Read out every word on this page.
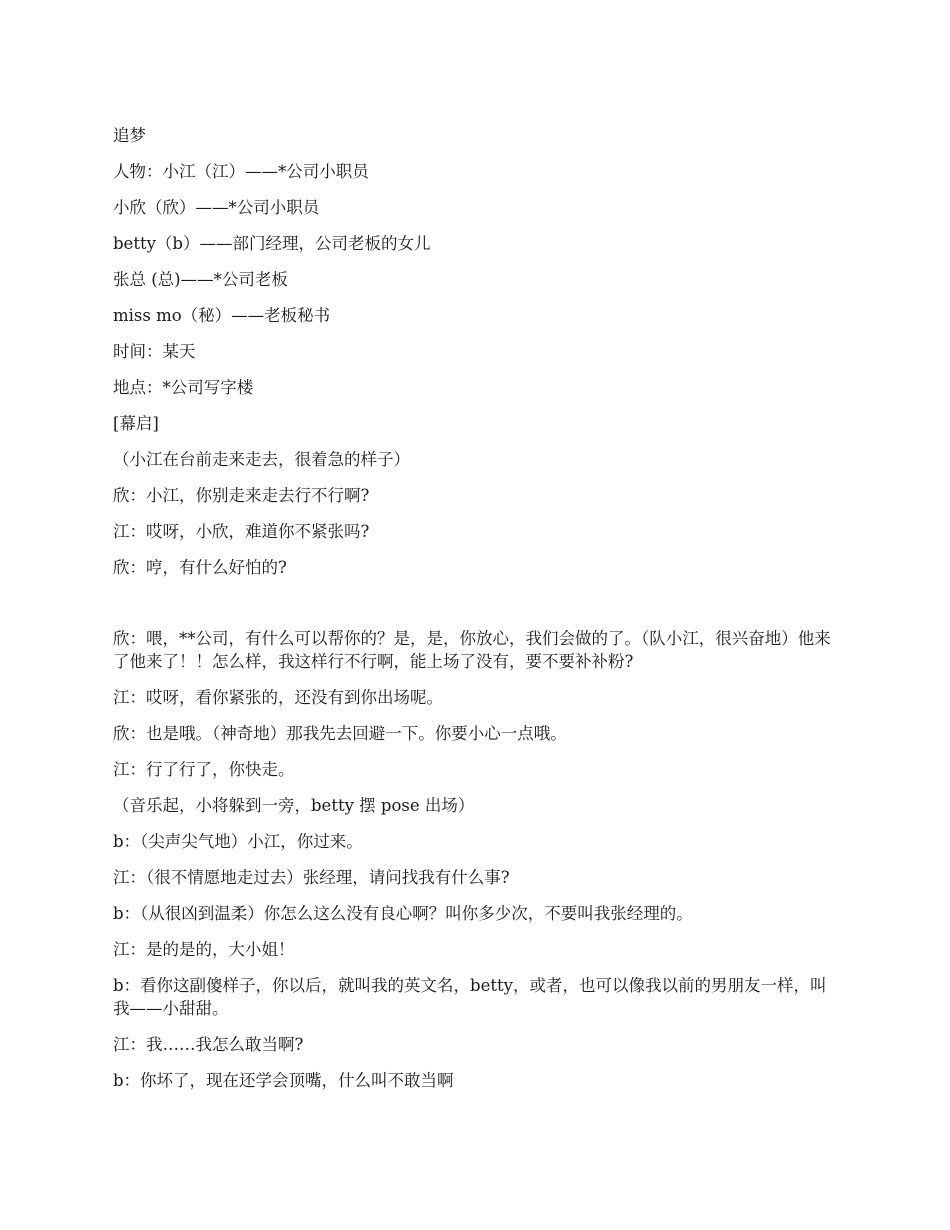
追梦

人物：小江（江）——*公司小职员

小欣（欣）——*公司小职员

betty（b）——部门经理，公司老板的女儿

张总 (总)——*公司老板

miss mo（秘）——老板秘书

时间：某天

地点：*公司写字楼

[幕启]

（小江在台前走来走去，很着急的样子）

欣：小江，你别走来走去行不行啊?

江：哎呀，小欣，难道你不紧张吗?

欣：哼，有什么好怕的?

欣：喂，**公司，有什么可以帮你的？是，是，你放心，我们会做的了。（队小江，很兴奋地）他来了他来了！！怎么样，我这样行不行啊，能上场了没有，要不要补补粉?

江：哎呀，看你紧张的，还没有到你出场呢。

欣：也是哦。（神奇地）那我先去回避一下。你要小心一点哦。

江：行了行了，你快走。

（音乐起，小将躲到一旁，betty 摆 pose 出场）

b：（尖声尖气地）小江，你过来。

江：（很不情愿地走过去）张经理，请问找我有什么事?

b：（从很凶到温柔）你怎么这么没有良心啊？叫你多少次，不要叫我张经理的。

江：是的是的，大小姐！

b：看你这副傻样子，你以后，就叫我的英文名，betty，或者，也可以像我以前的男朋友一样，叫我——小甜甜。

江：我……我怎么敢当啊?

b：你坏了，现在还学会顶嘴，什么叫不敢当啊
